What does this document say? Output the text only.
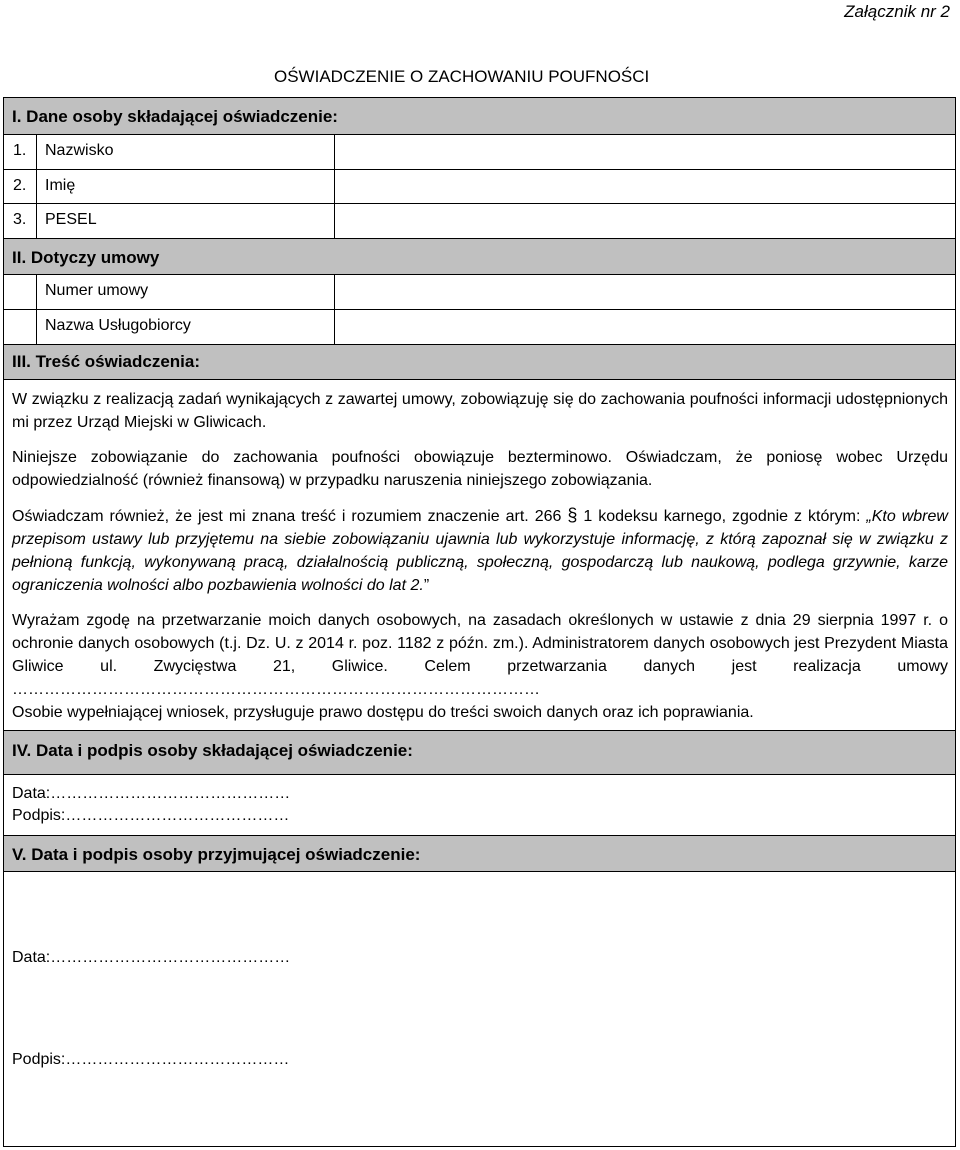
Załącznik nr 2
OŚWIADCZENIE O ZACHOWANIU POUFNOŚCI
I. Dane osoby składającej oświadczenie:
1.	Nazwisko
2.	Imię
3.	PESEL
II. Dotyczy umowy
Numer umowy
Nazwa Usługobiorcy
III. Treść oświadczenia:

W związku z realizacją zadań wynikających z zawartej umowy, zobowiązuję się do zachowania poufności informacji udostępnionych mi przez Urząd Miejski w Gliwicach.

Niniejsze zobowiązanie do zachowania poufności obowiązuje bezterminowo. Oświadczam, że poniosę wobec Urzędu odpowiedzialność (również finansową) w przypadku naruszenia niniejszego zobowiązania.

Oświadczam również, że jest mi znana treść i rozumiem znaczenie art. 266 § 1 kodeksu karnego, zgodnie z którym: „Kto wbrew przepisom ustawy lub przyjętemu na siebie zobowiązaniu ujawnia lub wykorzystuje informację, z którą zapoznał się w związku z pełnioną funkcją, wykonywaną pracą, działalnością publiczną, społeczną, gospodarczą lub naukową, podlega grzywnie, karze ograniczenia wolności albo pozbawienia wolności do lat 2.”

Wyrażam zgodę na przetwarzanie moich danych osobowych, na zasadach określonych w ustawie z dnia 29 sierpnia 1997 r. o ochronie danych osobowych (t.j. Dz. U. z 2014 r. poz. 1182 z późn. zm.). Administratorem danych osobowych jest Prezydent Miasta Gliwice ul. Zwycięstwa 21, Gliwice. Celem przetwarzania danych jest realizacja umowy ………………………………………………………………………………………

Osobie wypełniającej wniosek, przysługuje prawo dostępu do treści swoich danych oraz ich poprawiania.

IV. Data i podpis osoby składającej oświadczenie:
Data:………………………………………
Podpis:……………………………………
V. Data i podpis osoby przyjmującej oświadczenie:
Data:………………………………………
Podpis:……………………………………
